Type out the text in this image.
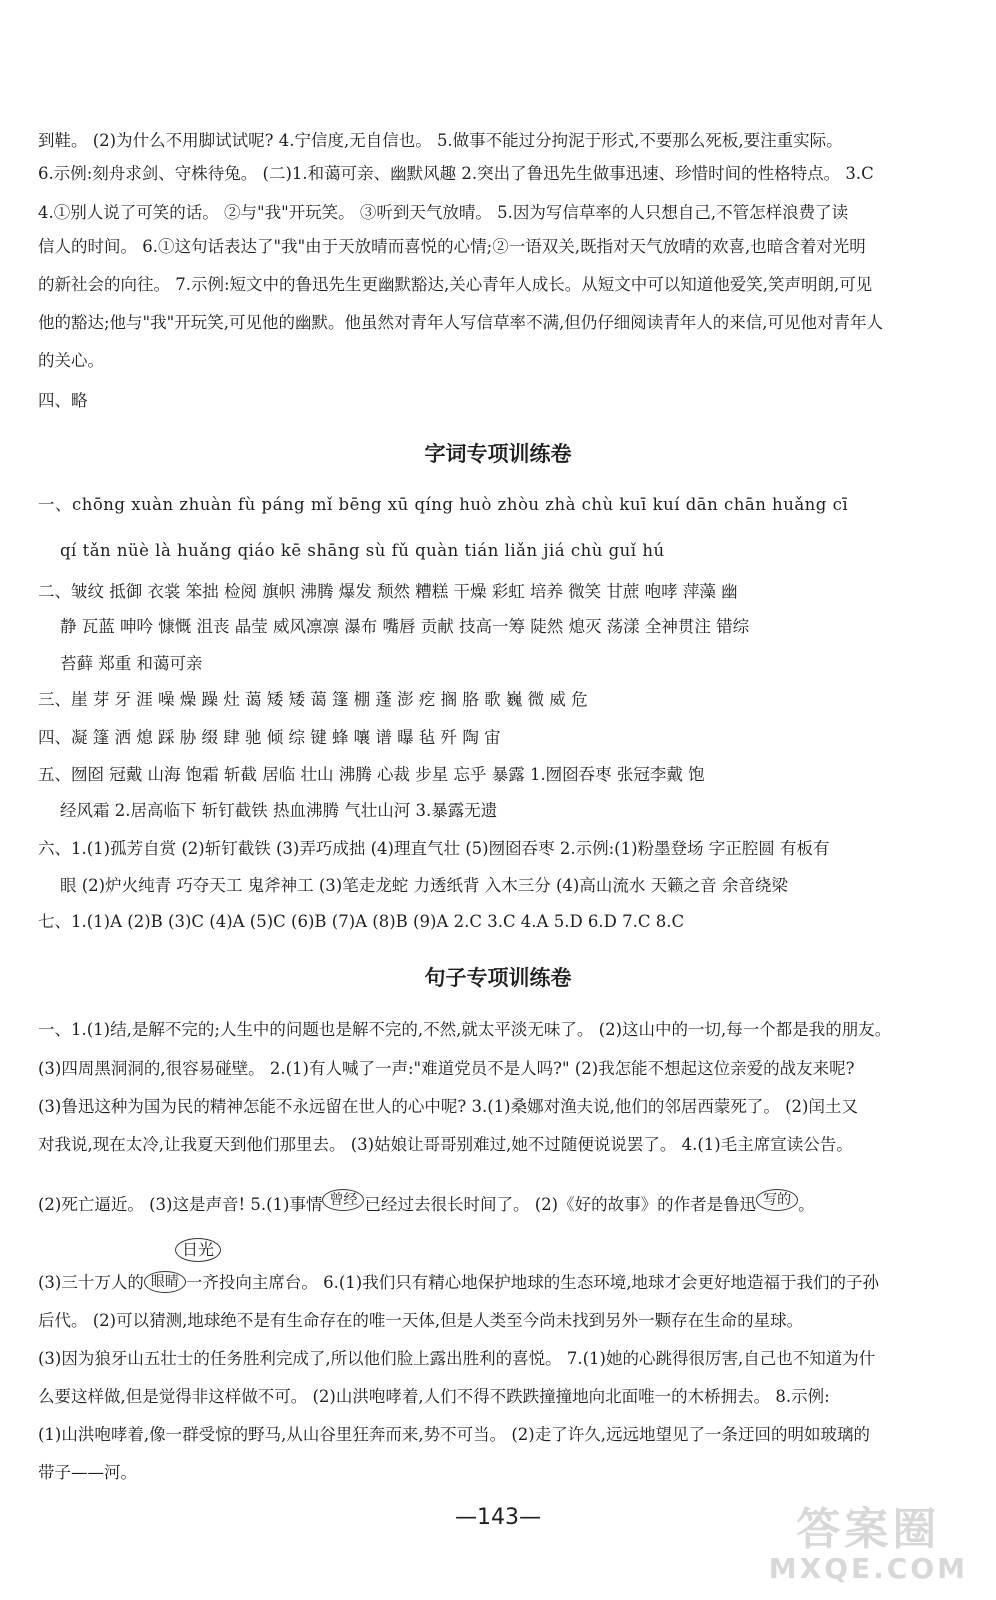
到鞋。 (2)为什么不用脚试试呢? 4.宁信度,无自信也。 5.做事不能过分拘泥于形式,不要那么死板,要注重实际。
6.示例:刻舟求剑、守株待兔。 (二)1.和蔼可亲、幽默风趣 2.突出了鲁迅先生做事迅速、珍惜时间的性格特点。 3.C
4.①别人说了可笑的话。 ②与"我"开玩笑。 ③听到天气放晴。 5.因为写信草率的人只想自己,不管怎样浪费了读
信人的时间。 6.①这句话表达了"我"由于天放晴而喜悦的心情;②一语双关,既指对天气放晴的欢喜,也暗含着对光明
的新社会的向往。 7.示例:短文中的鲁迅先生更幽默豁达,关心青年人成长。从短文中可以知道他爱笑,笑声明朗,可见
他的豁达;他与"我"开玩笑,可见他的幽默。他虽然对青年人写信草率不满,但仍仔细阅读青年人的来信,可见他对青年人
的关心。
四、略
字词专项训练卷
一、chōng xuàn zhuàn fù páng mǐ bēng xū qíng huò zhòu zhà chù kuī kuí dān chān huǎng cī
qí tǎn nüè là huǎng qiáo kē shāng sù fǔ quàn tián liǎn jiá chù guǐ hú
二、皱纹 抵御 衣裳 笨拙 检阅 旗帜 沸腾 爆发 颓然 糟糕 干燥 彩虹 培养 微笑 甘蔗 咆哮 萍藻 幽
静 瓦蓝 呻吟 慷慨 沮丧 晶莹 威风凛凛 瀑布 嘴唇 贡献 技高一筹 陡然 熄灭 荡漾 全神贯注 错综
苔藓 郑重 和蔼可亲
三、崖 芽 牙 涯 噪 燥 躁 灶 蔼 矮 矮 蔼 篷 棚 蓬 澎 疙 搁 胳 歌 巍 微 威 危
四、凝 篷 洒 熄 踩 胁 缀 肆 驰 倾 综 键 蜂 嚷 谱 曝 毡 歼 陶 宙
五、囫囵 冠戴 山海 饱霜 斩截 居临 壮山 沸腾 心裁 步星 忘乎 暴露 1.囫囵吞枣 张冠李戴 饱
经风霜 2.居高临下 斩钉截铁 热血沸腾 气壮山河 3.暴露无遗
六、1.(1)孤芳自赏 (2)斩钉截铁 (3)弄巧成拙 (4)理直气壮 (5)囫囵吞枣 2.示例:(1)粉墨登场 字正腔圆 有板有
眼 (2)炉火纯青 巧夺天工 鬼斧神工 (3)笔走龙蛇 力透纸背 入木三分 (4)高山流水 天籁之音 余音绕梁
七、1.(1)A (2)B (3)C (4)A (5)C (6)B (7)A (8)B (9)A 2.C 3.C 4.A 5.D 6.D 7.C 8.C
句子专项训练卷
一、1.(1)结,是解不完的;人生中的问题也是解不完的,不然,就太平淡无味了。 (2)这山中的一切,每一个都是我的朋友。
(3)四周黑洞洞的,很容易碰壁。 2.(1)有人喊了一声:"难道党员不是人吗?" (2)我怎能不想起这位亲爱的战友来呢?
(3)鲁迅这种为国为民的精神怎能不永远留在世人的心中呢? 3.(1)桑娜对渔夫说,他们的邻居西蒙死了。 (2)闰土又
对我说,现在太冷,让我夏天到他们那里去。 (3)姑娘让哥哥别难过,她不过随便说说罢了。 4.(1)毛主席宣读公告。
(2)死亡逼近。 (3)这是声音! 5.(1)事情 $^{曾经}$ 已经过去很长时间了。 (2)《好的故事》的作者是鲁迅 $^{写的}$ 。
日光
(3)三十万人的 眼睛 一齐投向主席台。 6.(1)我们只有精心地保护地球的生态环境,地球才会更好地造福于我们的子孙
后代。 (2)可以猜测,地球绝不是有生命存在的唯一天体,但是人类至今尚未找到另外一颗存在生命的星球。
(3)因为狼牙山五壮士的任务胜利完成了,所以他们脸上露出胜利的喜悦。 7.(1)她的心跳得很厉害,自己也不知道为什
么要这样做,但是觉得非这样做不可。 (2)山洪咆哮着,人们不得不跌跌撞撞地向北面唯一的木桥拥去。 8.示例:
(1)山洪咆哮着,像一群受惊的野马,从山谷里狂奔而来,势不可当。 (2)走了许久,远远地望见了一条迂回的明如玻璃的
带子——河。
—143—	答案圈
MXQE.COM
